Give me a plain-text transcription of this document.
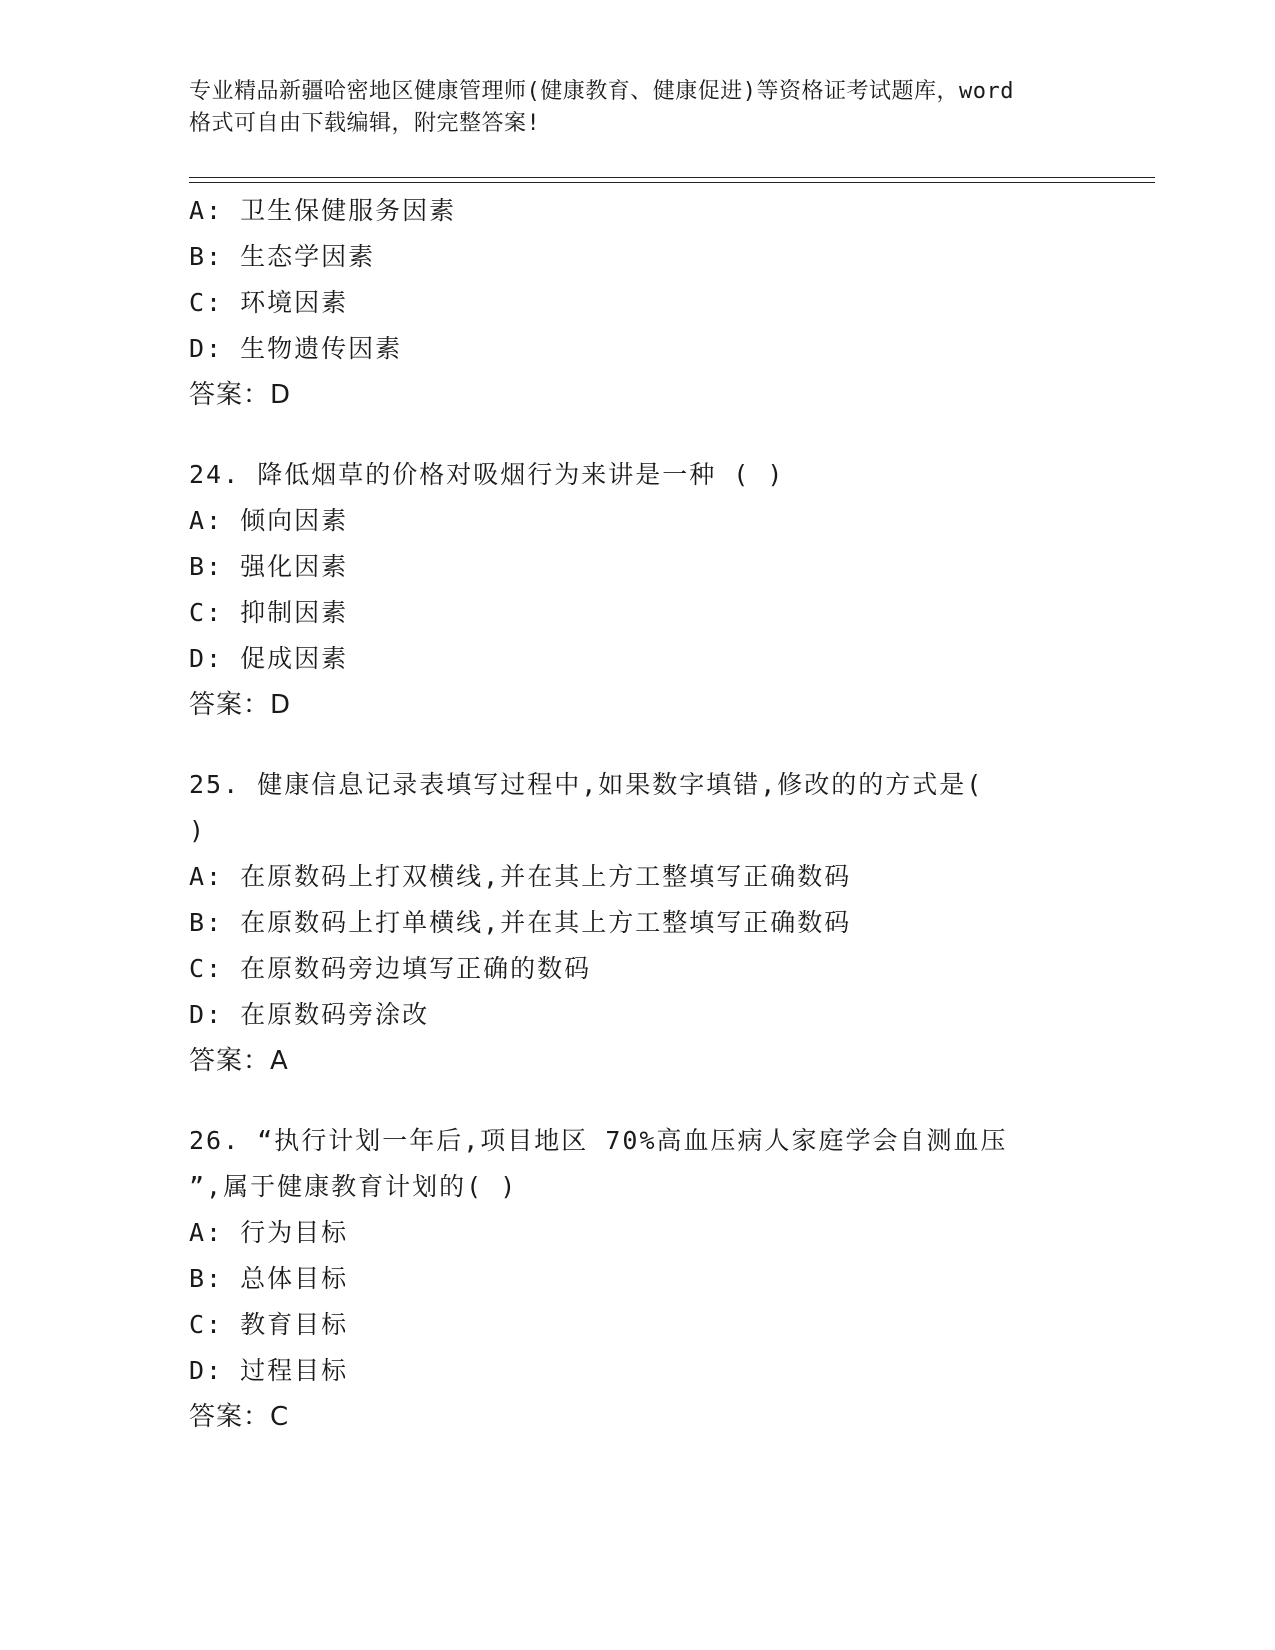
专业精品新疆哈密地区健康管理师(健康教育、健康促进)等资格证考试题库，word
格式可自由下载编辑，附完整答案!
A: 卫生保健服务因素
B: 生态学因素
C: 环境因素
D: 生物遗传因素
答案：D
24. 降低烟草的价格对吸烟行为来讲是一种 ( )
A: 倾向因素
B: 强化因素
C: 抑制因素
D: 促成因素
答案：D
25. 健康信息记录表填写过程中,如果数字填错,修改的的方式是(
)
A: 在原数码上打双横线,并在其上方工整填写正确数码
B: 在原数码上打单横线,并在其上方工整填写正确数码
C: 在原数码旁边填写正确的数码
D: 在原数码旁涂改
答案：A
26. “执行计划一年后,项目地区 70%高血压病人家庭学会自测血压
”,属于健康教育计划的( )
A: 行为目标
B: 总体目标
C: 教育目标
D: 过程目标
答案：C
